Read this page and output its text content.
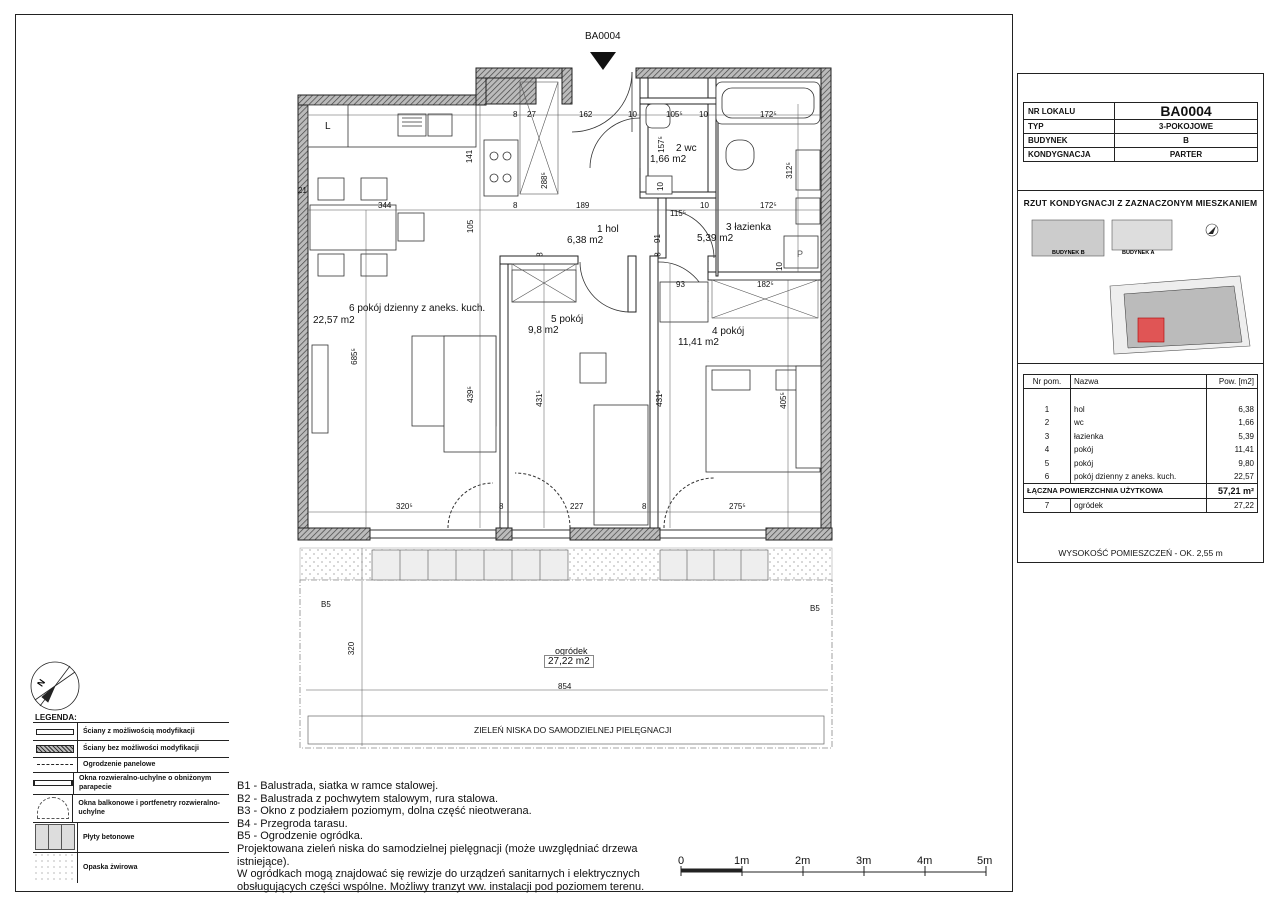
N
BA0004
L
P
1 hol
6,38 m2
2 wc
1,66 m2
3 łazienka
5,39 m2
4 pokój
11,41 m2
5 pokój
9,8 m2
6 pokój dzienny z aneks. kuch.
22,57 m2
ogródek
27,22 m2
ZIELEŃ NISKA DO SAMODZIELNEJ PIELĘGNACJI
8 27	162	10	105⁵ 10	172⁵
141
288⁵
157⁵
312⁵
21
344	8	189
10
115⁵
10	172⁵
105
8
91
8
10
93	182⁵
685⁵
439⁵	431⁵	431⁵	405⁵
320⁵	8	227	8	275⁵
320
854
B5	B5
NR LOKALU	BA0004
TYP	3-POKOJOWE
BUDYNEK	B
KONDYGNACJA	PARTER
RZUT KONDYGNACJI Z ZAZNACZONYM MIESZKANIEM
BUDYNEK B	BUDYNEK A
Nr pom.	Nazwa	Pow. [m2]

1	hol	6,38
2	wc	1,66
3	łazienka	5,39
4	pokój	11,41
5	pokój	9,80
6	pokój dzienny z aneks. kuch.	22,57
ŁĄCZNA POWIERZCHNIA UŻYTKOWA		57,21 m²
7	ogródek	27,22
WYSOKOŚĆ POMIESZCZEŃ - OK. 2,55 m
LEGENDA:
Ściany z możliwością modyfikacji
Ściany bez możliwości modyfikacji
Ogrodzenie panelowe
Okna rozwieralno-uchylne o obniżonym parapecie
Okna balkonowe i portfenetry rozwieralno-uchylne
Płyty betonowe
Opaska żwirowa
B1 - Balustrada, siatka w ramce stalowej.
B2 - Balustrada z pochwytem stalowym, rura stalowa.
B3 - Okno z podziałem poziomym, dolna część nieotwerana.
B4 - Przegroda tarasu.
B5 - Ogrodzenie ogródka.
Projektowana zieleń niska do samodzielnej pielęgnacji (może uwzględniać drzewa istniejące).
W ogródkach mogą znajdować się rewizje do urządzeń sanitarnych i elektrycznych
obsługujących części wspólne. Możliwy tranzyt ww. instalacji pod poziomem terenu.
0	1m	2m	3m	4m	5m
